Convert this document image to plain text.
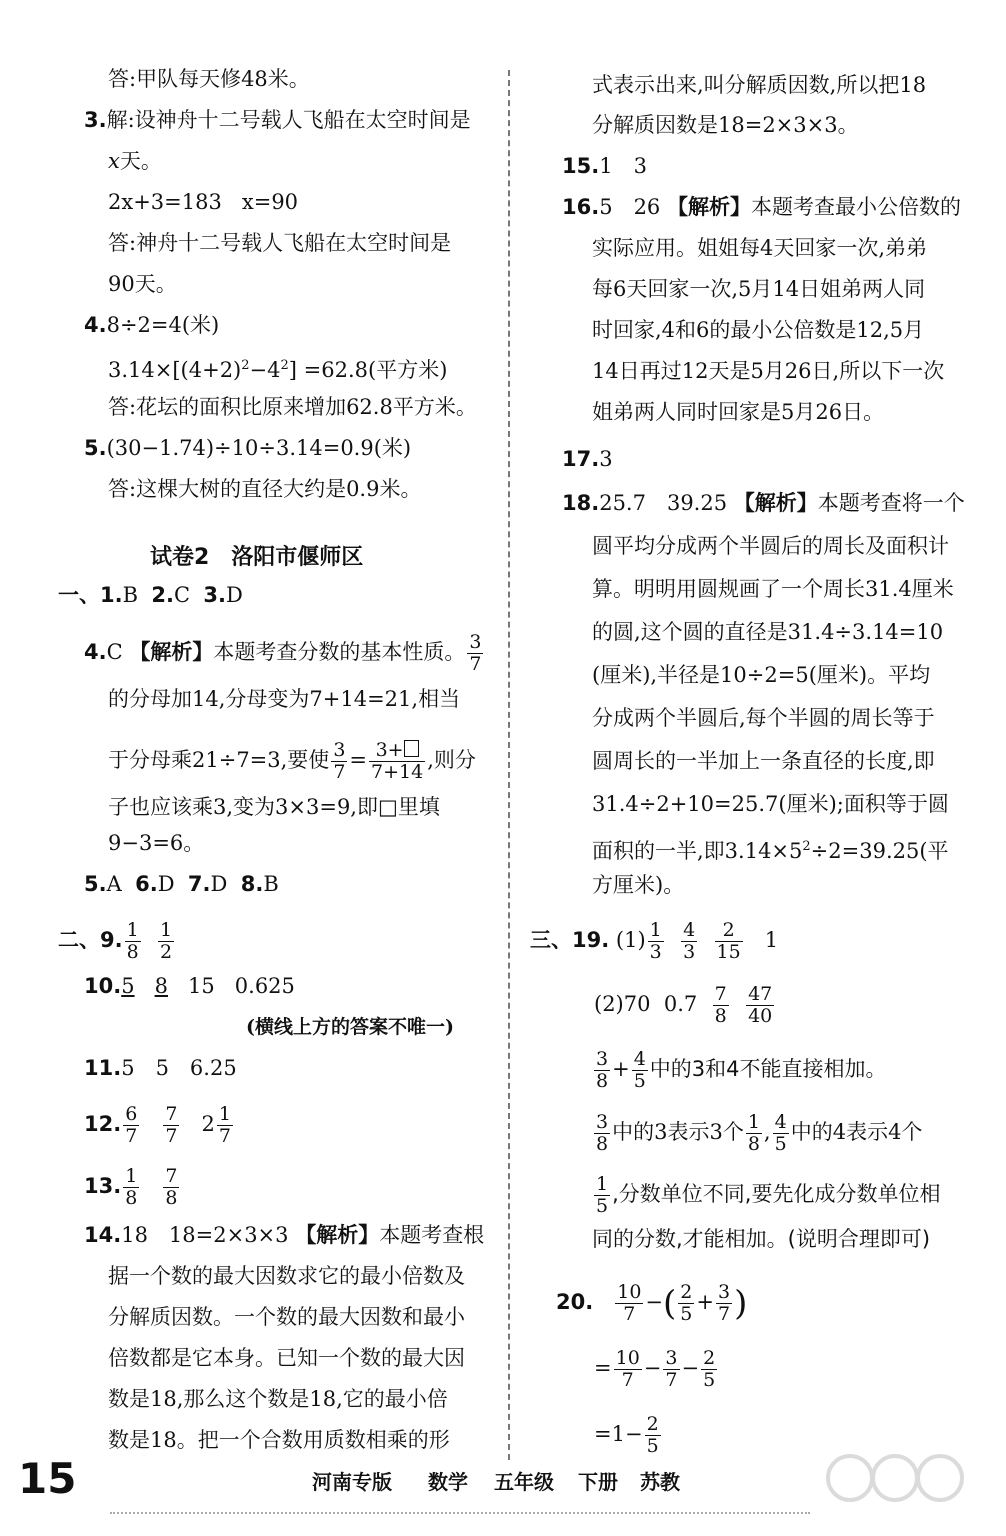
答:甲队每天修48米。
3.解:设神舟十二号载人飞船在太空时间是
x天。
2x+3=183 x=90
答:神舟十二号载人飞船在太空时间是
90天。
4.8÷2=4(米)
$3.14\times[(4+2)^2-4^2] =62.8$(平方米)
答:花坛的面积比原来增加62.8平方米。
5.(30−1.74)÷10÷3.14=0.9(米)
答:这棵大树的直径大约是0.9米。
试卷2　洛阳市偃师区
一、1.B 2.C 3.D
4.C 【解析】本题考查分数的基本性质。 $\frac{3}{7}$
的分母加14,分母变为7+14=21,相当
于分母乘21÷7=3,要使 $\frac{3}{7} = \frac{3+}{7+14}$ ,则分
子也应该乘3,变为3×3=9,即□里填
9−3=6。
5.A 6.D 7.D 8.B
二、9. $\frac{1}{8}$
$\frac{1}{2}$
10.5 8 15 0.625
(横线上方的答案不唯一)
11.5　5　6.25
12. $\frac{6}{7}$
$\frac{7}{7} 2 \frac{1}{7}$
13. $\frac{1}{8}$
$\frac{7}{8}$
14.18　18=2×3×3 【解析】本题考查根
据一个数的最大因数求它的最小倍数及
分解质因数。一个数的最大因数和最小
倍数都是它本身。已知一个数的最大因
数是18,那么这个数是18,它的最小倍
数是18。把一个合数用质数相乘的形
式表示出来,叫分解质因数,所以把18
分解质因数是18=2×3×3。
15.1　3
16.5　26 【解析】本题考查最小公倍数的
实际应用。姐姐每4天回家一次,弟弟
每6天回家一次,5月14日姐弟两人同
时回家,4和6的最小公倍数是12,5月
14日再过12天是5月26日,所以下一次
姐弟两人同时回家是5月26日。
17.3
18.25.7　39.25 【解析】本题考查将一个
圆平均分成两个半圆后的周长及面积计
算。明明用圆规画了一个周长31.4厘米
的圆,这个圆的直径是31.4÷3.14=10
(厘米),半径是10÷2=5(厘米)。平均
分成两个半圆后,每个半圆的周长等于
圆周长的一半加上一条直径的长度,即
31.4÷2+10=25.7(厘米);面积等于圆
面积的一半,即$3.14\times 5^2\div 2=39.25$(平
方厘米)。
三、19. $(1) \frac{1}{3}$
$\frac{4}{3}$
$\frac{2}{15} 1$
(2)70 $0.7 \frac{7}{8}$
$\frac{47}{40}$
$\frac{3}{8} + \frac{4}{5}$ 中的3和4不能直接相加。
$\frac{3}{8}$ 中的3表示3个 $\frac{1}{8}$ , $\frac{4}{5}$ 中的4表示4个
$\frac{1}{5}$ ,分数单位不同,要先化成分数单位相
同的分数,才能相加。(说明合理即可)
20. $\frac{10}{7}$ −( $\frac{2}{5} + \frac{3}{7}$ )
= $\frac{10}{7} - \frac{3}{7} - \frac{2}{5}$
$=1- \frac{2}{5}$
15	河南专版 数学 五年级 下册 苏教
